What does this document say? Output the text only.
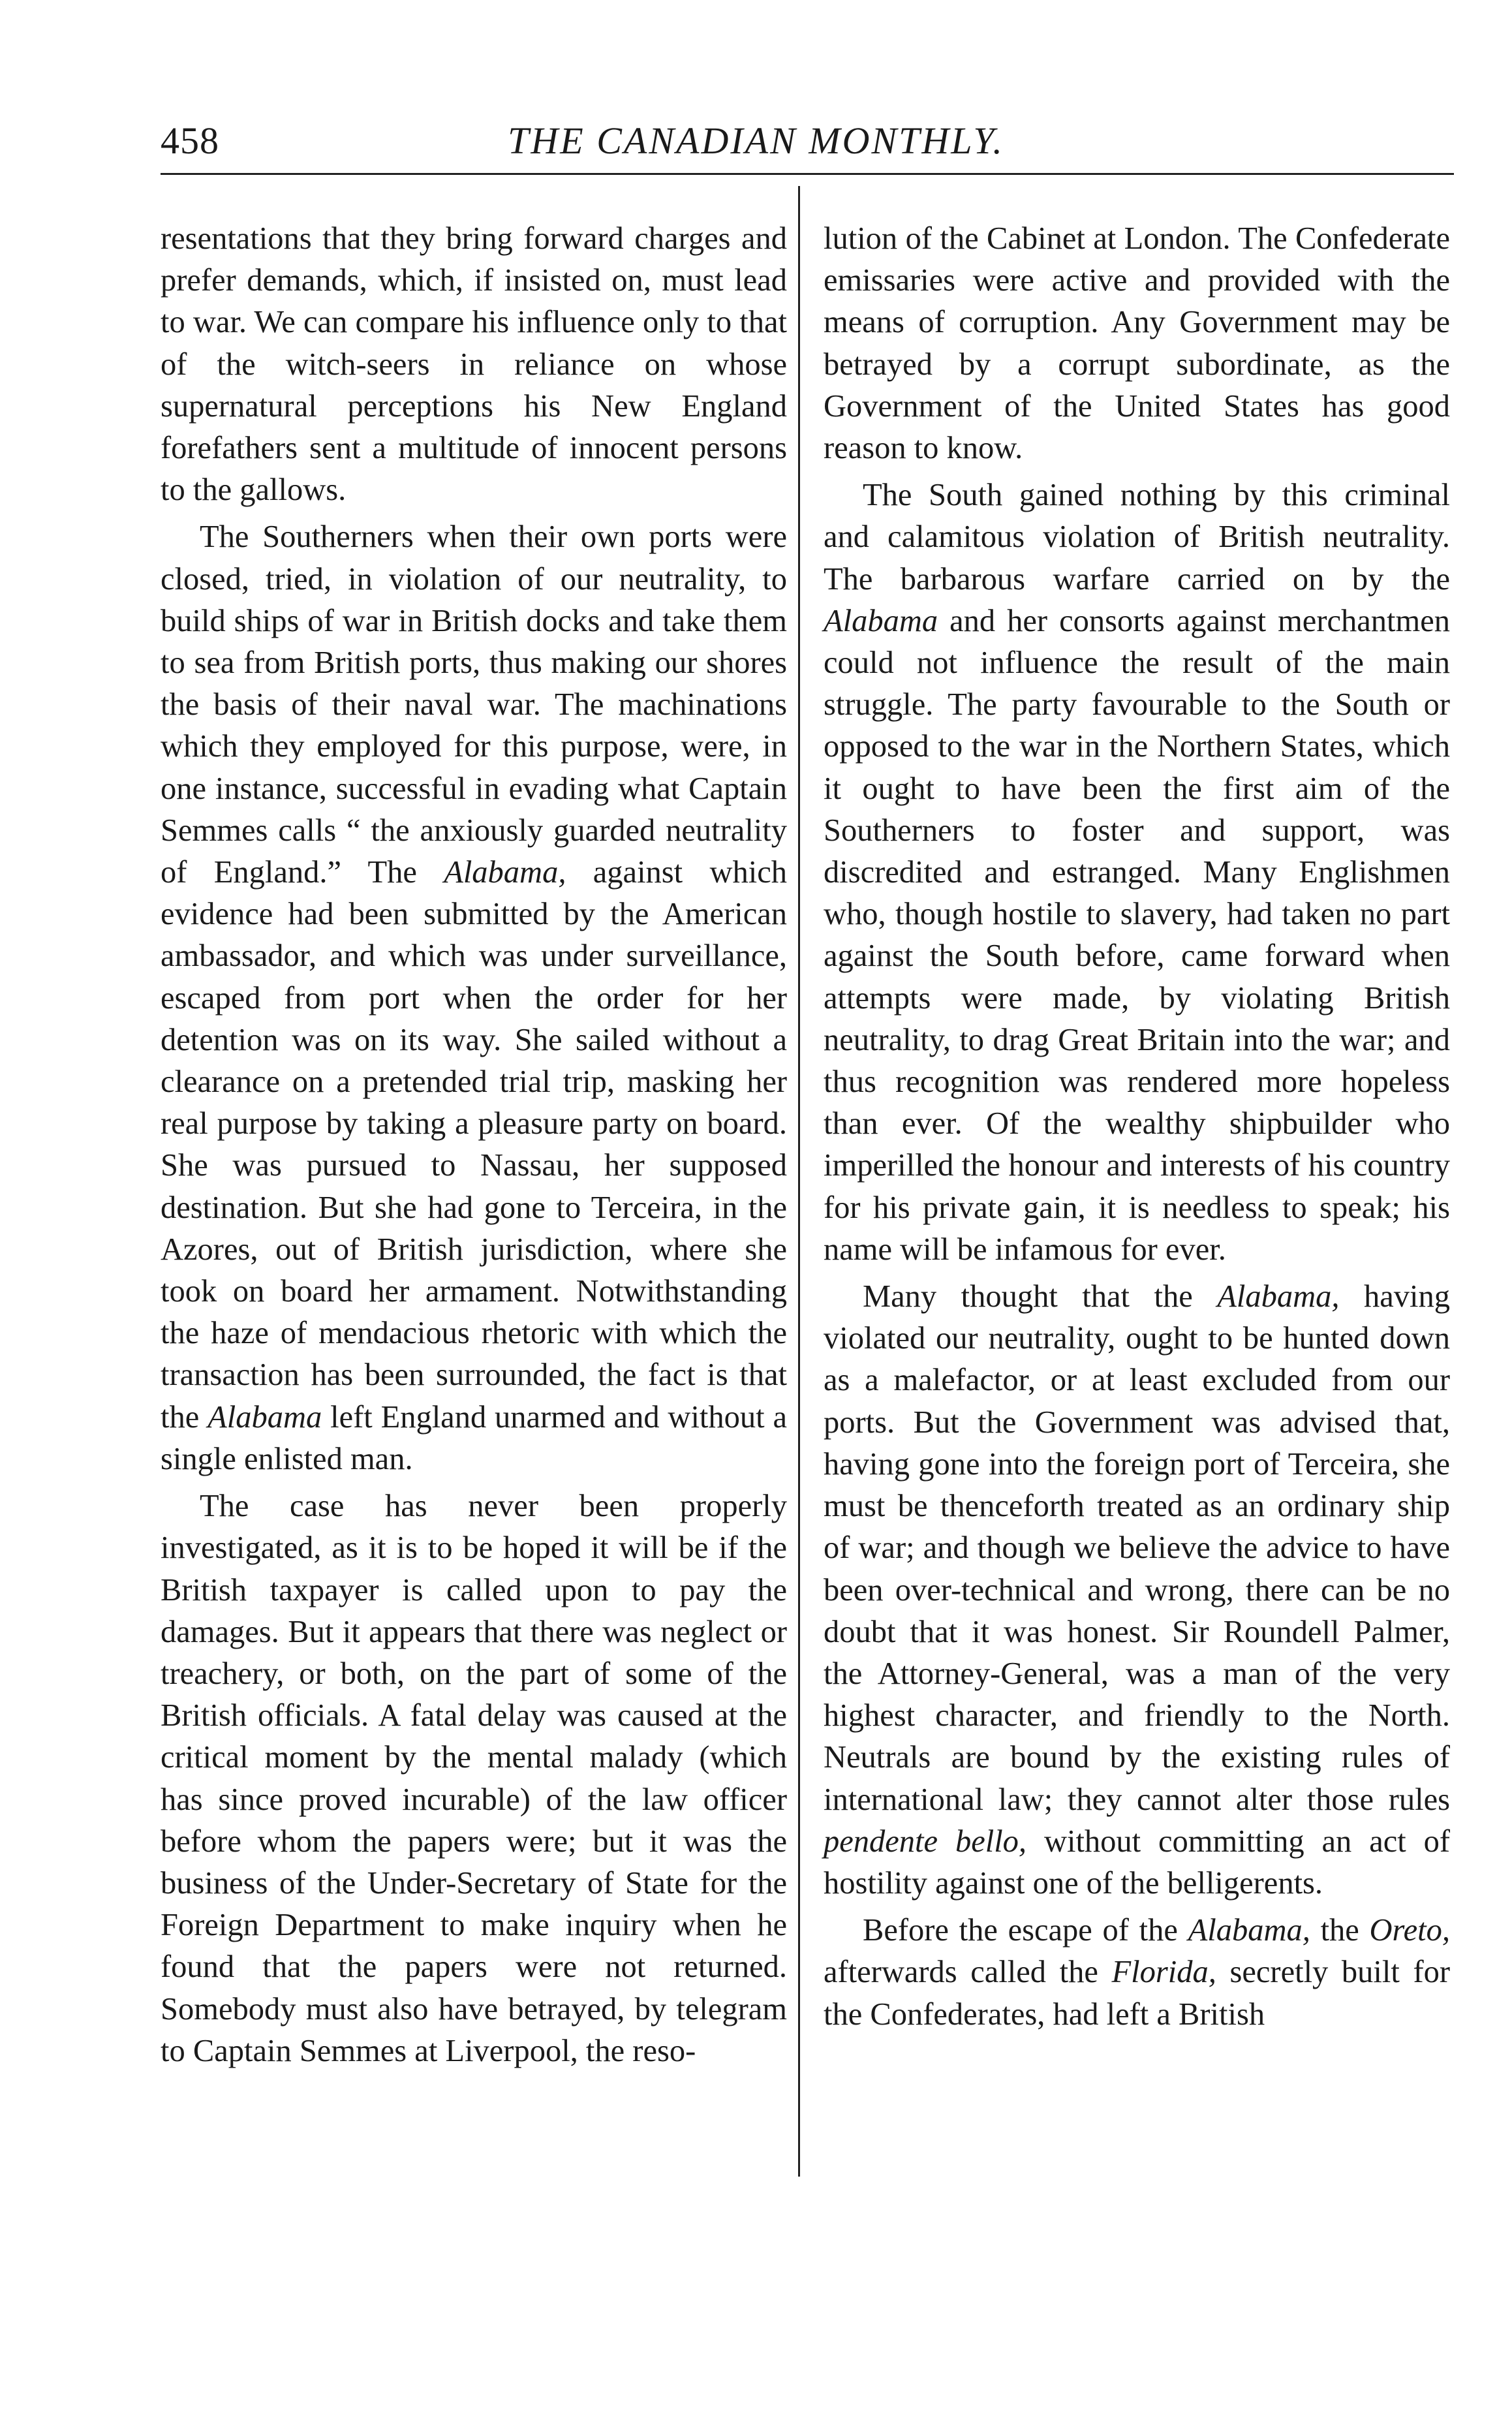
458	THE CANADIAN MONTHLY.

resentations that they bring forward charges and prefer demands, which, if insisted on, must lead to war. We can compare his influence only to that of the witch-seers in reliance on whose supernatural perceptions his New England forefathers sent a multitude of innocent persons to the gallows.

The Southerners when their own ports were closed, tried, in violation of our neutrality, to build ships of war in British docks and take them to sea from British ports, thus making our shores the basis of their naval war. The machinations which they employed for this purpose, were, in one instance, successful in evading what Captain Semmes calls “ the anxiously guarded neutrality of England.” The Alabama, against which evidence had been submitted by the American ambassador, and which was under surveillance, escaped from port when the order for her detention was on its way. She sailed without a clearance on a pretended trial trip, masking her real purpose by taking a pleasure party on board. She was pursued to Nassau, her supposed destination. But she had gone to Terceira, in the Azores, out of British jurisdiction, where she took on board her armament. Notwithstanding the haze of mendacious rhetoric with which the transaction has been surrounded, the fact is that the Alabama left England unarmed and without a single enlisted man.

The case has never been properly investigated, as it is to be hoped it will be if the British taxpayer is called upon to pay the damages. But it appears that there was neglect or treachery, or both, on the part of some of the British officials. A fatal delay was caused at the critical moment by the mental malady (which has since proved incurable) of the law officer before whom the papers were; but it was the business of the Under-Secretary of State for the Foreign Department to make inquiry when he found that the papers were not returned. Somebody must also have betrayed, by telegram to Captain Semmes at Liverpool, the reso-

lution of the Cabinet at London. The Confederate emissaries were active and provided with the means of corruption. Any Government may be betrayed by a corrupt subordinate, as the Government of the United States has good reason to know.

The South gained nothing by this criminal and calamitous violation of British neutrality. The barbarous warfare carried on by the Alabama and her consorts against merchantmen could not influence the result of the main struggle. The party favourable to the South or opposed to the war in the Northern States, which it ought to have been the first aim of the Southerners to foster and support, was discredited and estranged. Many Englishmen who, though hostile to slavery, had taken no part against the South before, came forward when attempts were made, by violating British neutrality, to drag Great Britain into the war; and thus recognition was rendered more hopeless than ever. Of the wealthy shipbuilder who imperilled the honour and interests of his country for his private gain, it is needless to speak; his name will be infamous for ever.

Many thought that the Alabama, having violated our neutrality, ought to be hunted down as a malefactor, or at least excluded from our ports. But the Government was advised that, having gone into the foreign port of Terceira, she must be thenceforth treated as an ordinary ship of war; and though we believe the advice to have been over-technical and wrong, there can be no doubt that it was honest. Sir Roundell Palmer, the Attorney-General, was a man of the very highest character, and friendly to the North. Neutrals are bound by the existing rules of international law; they cannot alter those rules pendente bello, without committing an act of hostility against one of the belligerents.

Before the escape of the Alabama, the Oreto, afterwards called the Florida, secretly built for the Confederates, had left a British
